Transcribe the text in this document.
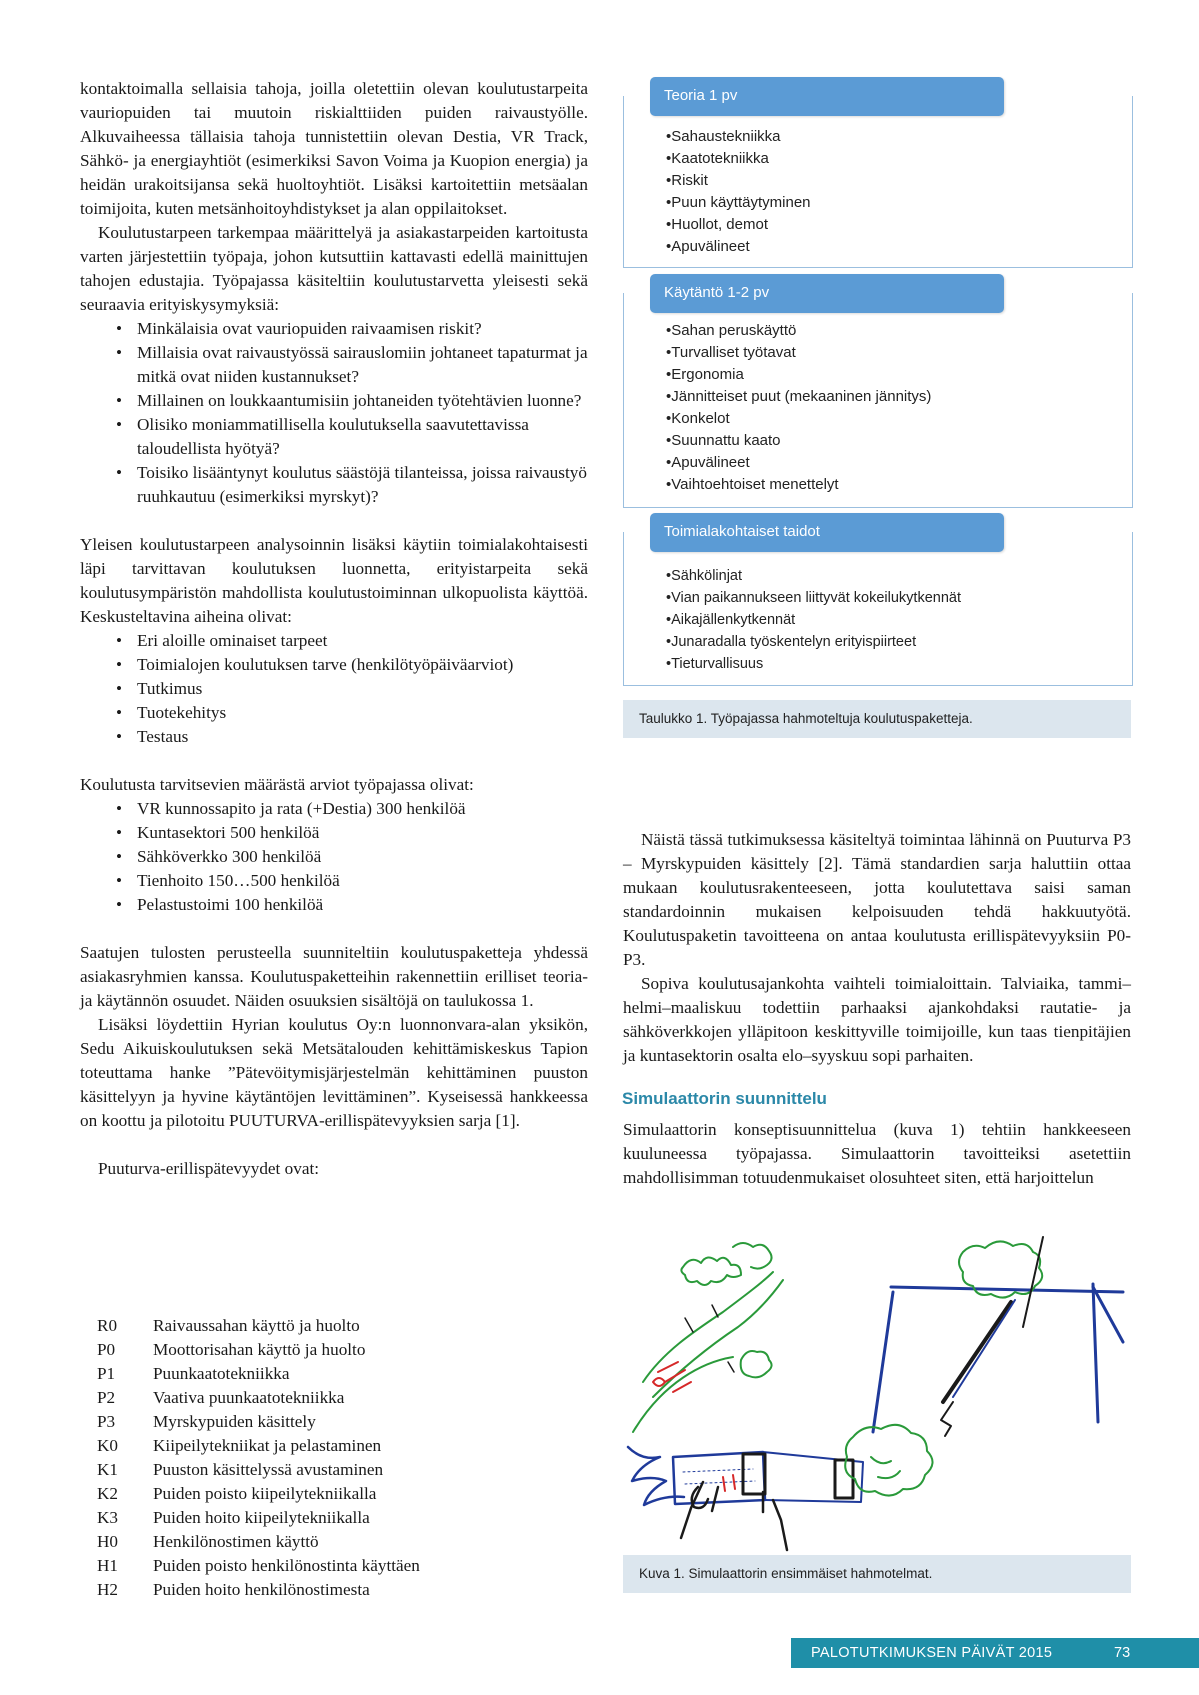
kontaktoimalla sellaisia tahoja, joilla oletettiin olevan koulutustarpeita vauriopuiden tai muutoin riskialttiiden puiden raivaustyölle. Alkuvaiheessa tällaisia tahoja tunnistettiin olevan Destia, VR Track, Sähkö- ja energiayhtiöt (esimerkiksi Savon Voima ja Kuopion energia) ja heidän urakoitsijansa sekä huoltoyhtiöt. Lisäksi kartoitettiin metsäalan toimijoita, kuten metsänhoitoyhdistykset ja alan oppilaitokset.

Koulutustarpeen tarkempaa määrittelyä ja asiakastarpeiden kartoitusta varten järjestettiin työpaja, johon kutsuttiin kattavasti edellä mainittujen tahojen edustajia. Työpajassa käsiteltiin koulutustarvetta yleisesti sekä seuraavia erityiskysymyksiä:

• Minkälaisia ovat vauriopuiden raivaamisen riskit?
• Millaisia ovat raivaustyössä sairauslomiin johtaneet tapaturmat ja mitkä ovat niiden kustannukset?
• Millainen on loukkaantumisiin johtaneiden työtehtävien luonne?
• Olisiko moniammatillisella koulutuksella saavutettavissa taloudellista hyötyä?
• Toisiko lisääntynyt koulutus säästöjä tilanteissa, joissa raivaustyö ruuhkautuu (esimerkiksi myrskyt)?

Yleisen koulutustarpeen analysoinnin lisäksi käytiin toimialakohtaisesti läpi tarvittavan koulutuksen luonnetta, erityistarpeita sekä koulutusympäristön mahdollista koulutustoiminnan ulkopuolista käyttöä. Keskusteltavina aiheina olivat:

• Eri aloille ominaiset tarpeet
• Toimialojen koulutuksen tarve (henkilötyöpäiväarviot)
• Tutkimus
• Tuotekehitys
• Testaus

Koulutusta tarvitsevien määrästä arviot työpajassa olivat:

• VR kunnossapito ja rata (+Destia) 300 henkilöä
• Kuntasektori 500 henkilöä
• Sähköverkko 300 henkilöä
• Tienhoito 150…500 henkilöä
• Pelastustoimi 100 henkilöä

Saatujen tulosten perusteella suunniteltiin koulutuspaketteja yhdessä asiakasryhmien kanssa. Koulutuspaketteihin rakennettiin erilliset teoria- ja käytännön osuudet. Näiden osuuksien sisältöjä on taulukossa 1.

Lisäksi löydettiin Hyrian koulutus Oy:n luonnonvara-alan yksikön, Sedu Aikuiskoulutuksen sekä Metsätalouden kehittämiskeskus Tapion toteuttama hanke ”Pätevöitymisjärjestelmän kehittäminen puuston käsittelyyn ja hyvine käytäntöjen levittäminen”. Kyseisessä hankkeessa on koottu ja pilotoitu PUUTURVA-erillispätevyyksien sarja [1].

Puuturva-erillispätevyydet ovat:

R0	Raivaussahan käyttö ja huolto
P0	Moottorisahan käyttö ja huolto
P1	Puunkaatotekniikka
P2	Vaativa puunkaatotekniikka
P3	Myrskypuiden käsittely
K0	Kiipeilytekniikat ja pelastaminen
K1	Puuston käsittelyssä avustaminen
K2	Puiden poisto kiipeilytekniikalla
K3	Puiden hoito kiipeilytekniikalla
H0	Henkilönostimen käyttö
H1	Puiden poisto henkilönostinta käyttäen
H2	Puiden hoito henkilönostimesta
Teoria 1 pv
•Sahaustekniikka
•Kaatotekniikka
•Riskit
•Puun käyttäytyminen
•Huollot, demot
•Apuvälineet
Käytäntö 1-2 pv
•Sahan peruskäyttö
•Turvalliset työtavat
•Ergonomia
•Jännitteiset puut (mekaaninen jännitys)
•Konkelot
•Suunnattu kaato
•Apuvälineet
•Vaihtoehtoiset menettelyt
Toimialakohtaiset taidot
•Sähkölinjat
•Vian paikannukseen liittyvät kokeilukytkennät
•Aikajällenkytkennät
•Junaradalla työskentelyn erityispiirteet
•Tieturvallisuus
Taulukko 1. Työpajassa hahmoteltuja koulutuspaketteja.

Näistä tässä tutkimuksessa käsiteltyä toimintaa lähinnä on Puuturva P3 – Myrskypuiden käsittely [2]. Tämä standardien sarja haluttiin ottaa mukaan koulutusrakenteeseen, jotta koulutettava saisi saman standardoinnin mukaisen kelpoisuuden tehdä hakkuutyötä. Koulutuspaketin tavoitteena on antaa koulutusta erillispätevyyksiin P0-P3.

Sopiva koulutusajankohta vaihteli toimialoittain. Talviaika, tammi–helmi–maaliskuu todettiin parhaaksi ajankohdaksi rautatie- ja sähköverkkojen ylläpitoon keskittyville toimijoille, kun taas tienpitäjien ja kuntasektorin osalta elo–syyskuu sopi parhaiten.

Simulaattorin suunnittelu

Simulaattorin konseptisuunnittelua (kuva 1) tehtiin hankkeeseen kuuluneessa työpajassa. Simulaattorin tavoitteiksi asetettiin mahdollisimman totuudenmukaiset olosuhteet siten, että harjoittelun

Kuva 1. Simulaattorin ensimmäiset hahmotelmat.
PALOTUTKIMUKSEN PÄIVÄT 2015	73
